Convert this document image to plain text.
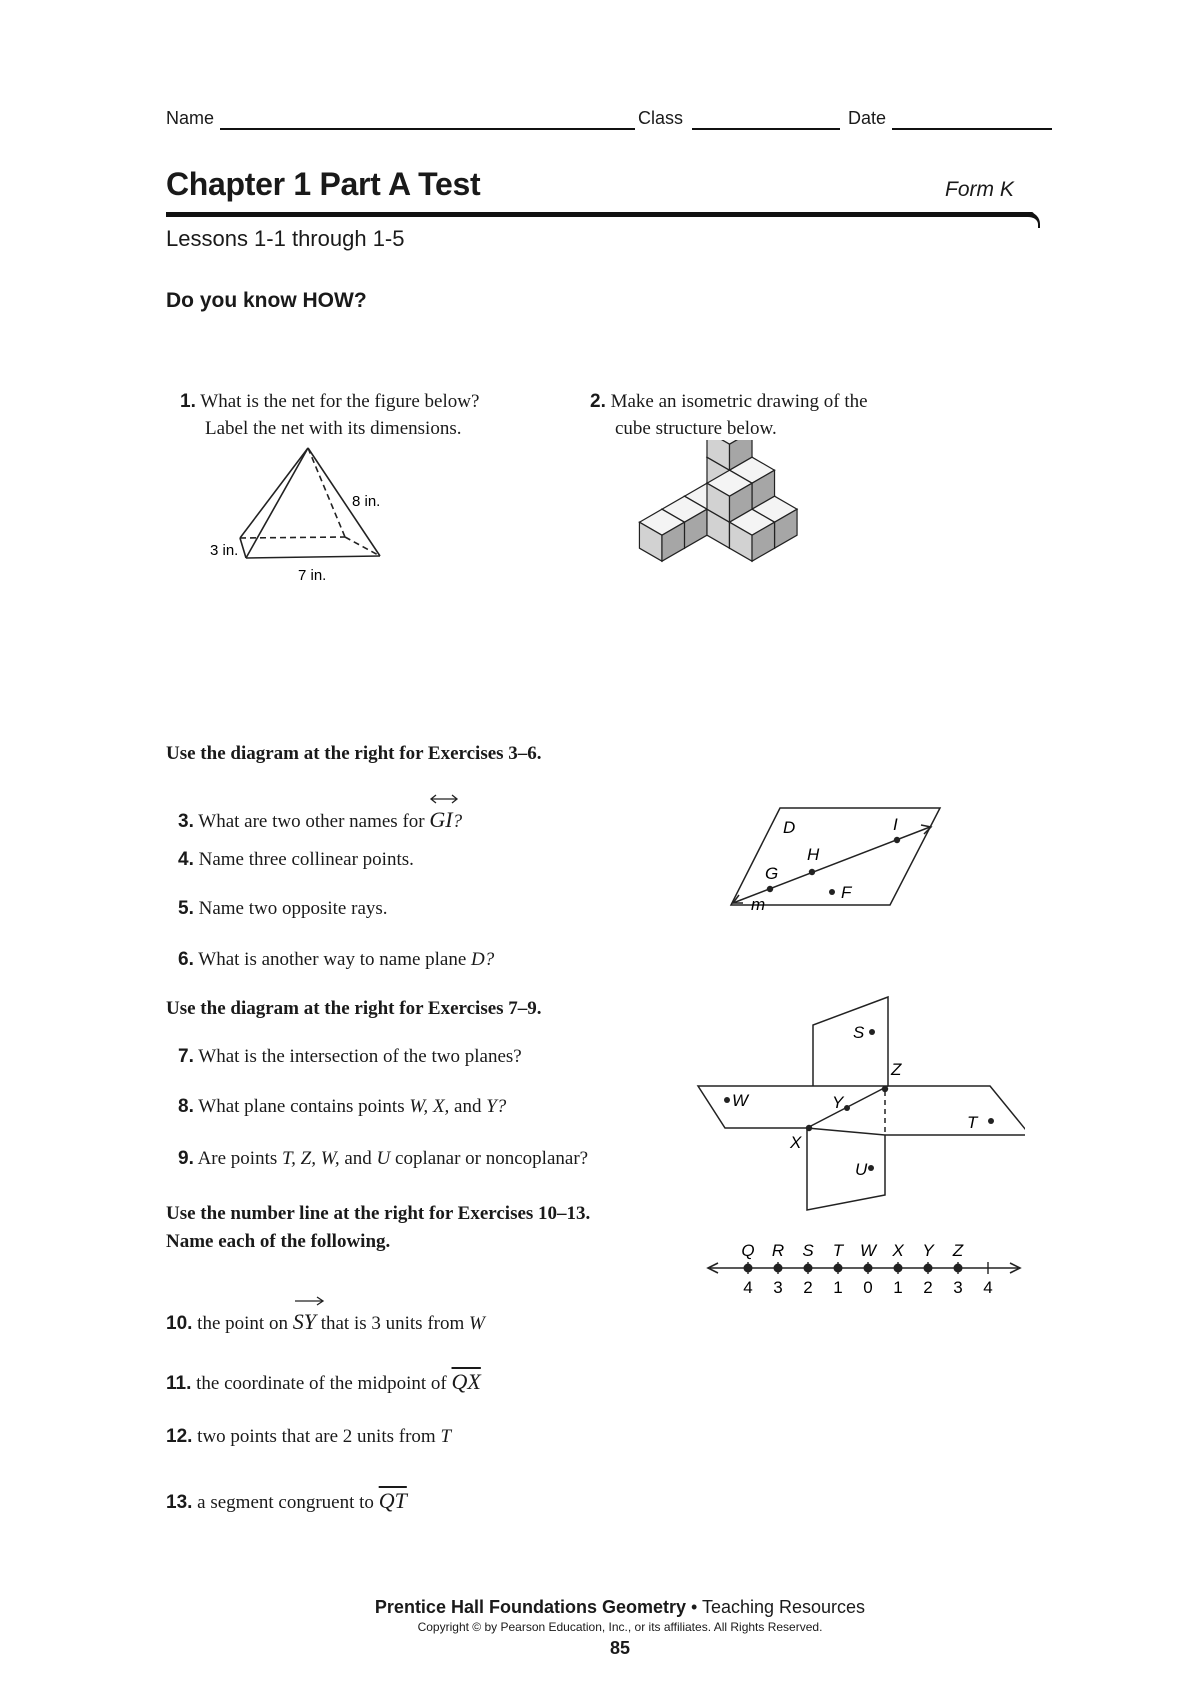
Name	Class	Date
Chapter 1 Part A Test	Form K
Lessons 1-1 through 1-5
Do you know HOW?
1. What is the net for the figure below?
Label the net with its dimensions.
8 in.
3 in.
7 in.
2. Make an isometric drawing of the
cube structure below.
Use the diagram at the right for Exercises 3–6.
3. What are two other names for GI?
4. Name three collinear points.
5. Name two opposite rays.
6. What is another way to name plane D?
D	I
H
G
m
F
Use the diagram at the right for Exercises 7–9.
7. What is the intersection of the two planes?
8. What plane contains points W, X, and Y?
9. Are points T, Z, W, and U coplanar or noncoplanar?
S
Z
W	Y
T
X
U
Use the number line at the right for Exercises 10–13.
Name each of the following.
4 3 2 1 0 1 2 3 4
Q R S T W X Y Z
10. the point on SY that is 3 units from W
11. the coordinate of the midpoint of $\overline{QX}$
12. two points that are 2 units from T
13. a segment congruent to $\overline{QT}$
Prentice Hall Foundations Geometry • Teaching Resources
Copyright © by Pearson Education, Inc., or its affiliates. All Rights Reserved.
85
